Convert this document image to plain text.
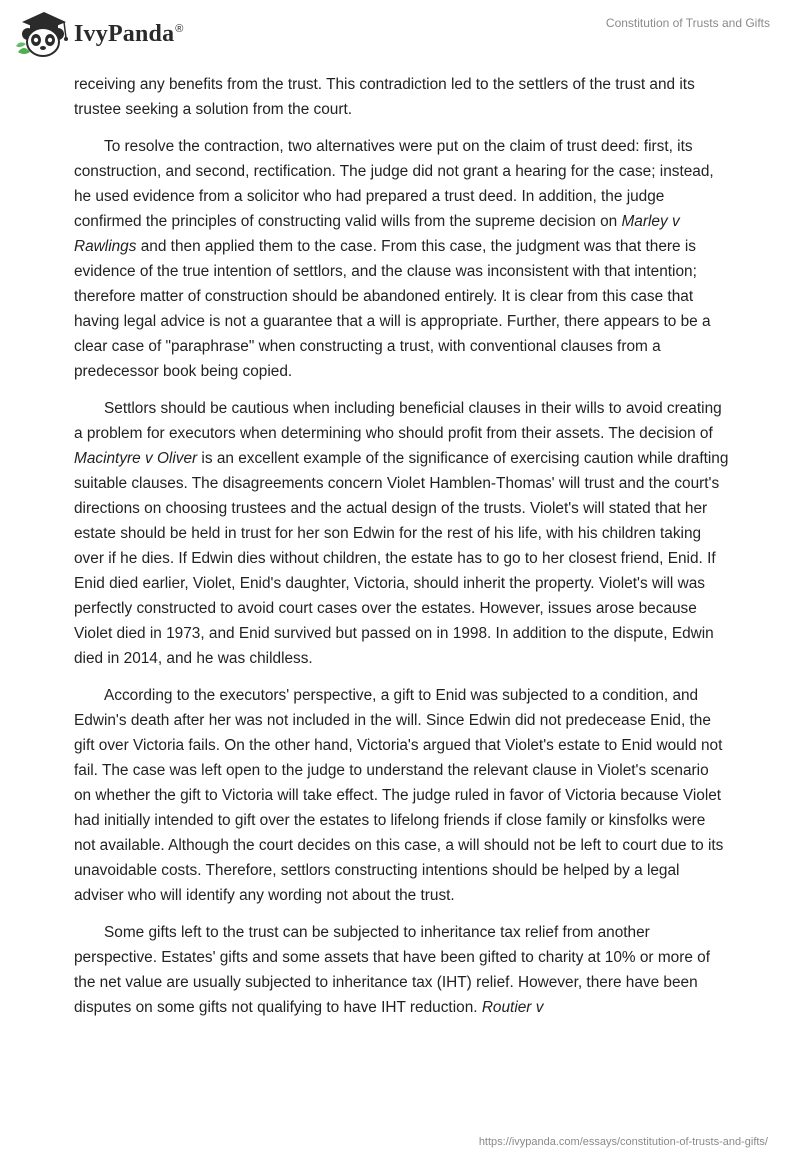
IvyPanda®	Constitution of Trusts and Gifts

receiving any benefits from the trust. This contradiction led to the settlers of the trust and its trustee seeking a solution from the court.

To resolve the contraction, two alternatives were put on the claim of trust deed: first, its construction, and second, rectification. The judge did not grant a hearing for the case; instead, he used evidence from a solicitor who had prepared a trust deed. In addition, the judge confirmed the principles of constructing valid wills from the supreme decision on Marley v Rawlings and then applied them to the case. From this case, the judgment was that there is evidence of the true intention of settlors, and the clause was inconsistent with that intention; therefore matter of construction should be abandoned entirely. It is clear from this case that having legal advice is not a guarantee that a will is appropriate. Further, there appears to be a clear case of "paraphrase" when constructing a trust, with conventional clauses from a predecessor book being copied.

Settlors should be cautious when including beneficial clauses in their wills to avoid creating a problem for executors when determining who should profit from their assets. The decision of Macintyre v Oliver is an excellent example of the significance of exercising caution while drafting suitable clauses. The disagreements concern Violet Hamblen-Thomas' will trust and the court's directions on choosing trustees and the actual design of the trusts. Violet's will stated that her estate should be held in trust for her son Edwin for the rest of his life, with his children taking over if he dies. If Edwin dies without children, the estate has to go to her closest friend, Enid. If Enid died earlier, Violet, Enid's daughter, Victoria, should inherit the property. Violet's will was perfectly constructed to avoid court cases over the estates. However, issues arose because Violet died in 1973, and Enid survived but passed on in 1998. In addition to the dispute, Edwin died in 2014, and he was childless.

According to the executors' perspective, a gift to Enid was subjected to a condition, and Edwin's death after her was not included in the will. Since Edwin did not predecease Enid, the gift over Victoria fails. On the other hand, Victoria's argued that Violet's estate to Enid would not fail. The case was left open to the judge to understand the relevant clause in Violet's scenario on whether the gift to Victoria will take effect. The judge ruled in favor of Victoria because Violet had initially intended to gift over the estates to lifelong friends if close family or kinsfolks were not available. Although the court decides on this case, a will should not be left to court due to its unavoidable costs. Therefore, settlors constructing intentions should be helped by a legal adviser who will identify any wording not about the trust.

Some gifts left to the trust can be subjected to inheritance tax relief from another perspective. Estates' gifts and some assets that have been gifted to charity at 10% or more of the net value are usually subjected to inheritance tax (IHT) relief. However, there have been disputes on some gifts not qualifying to have IHT reduction. Routier v

https://ivypanda.com/essays/constitution-of-trusts-and-gifts/
